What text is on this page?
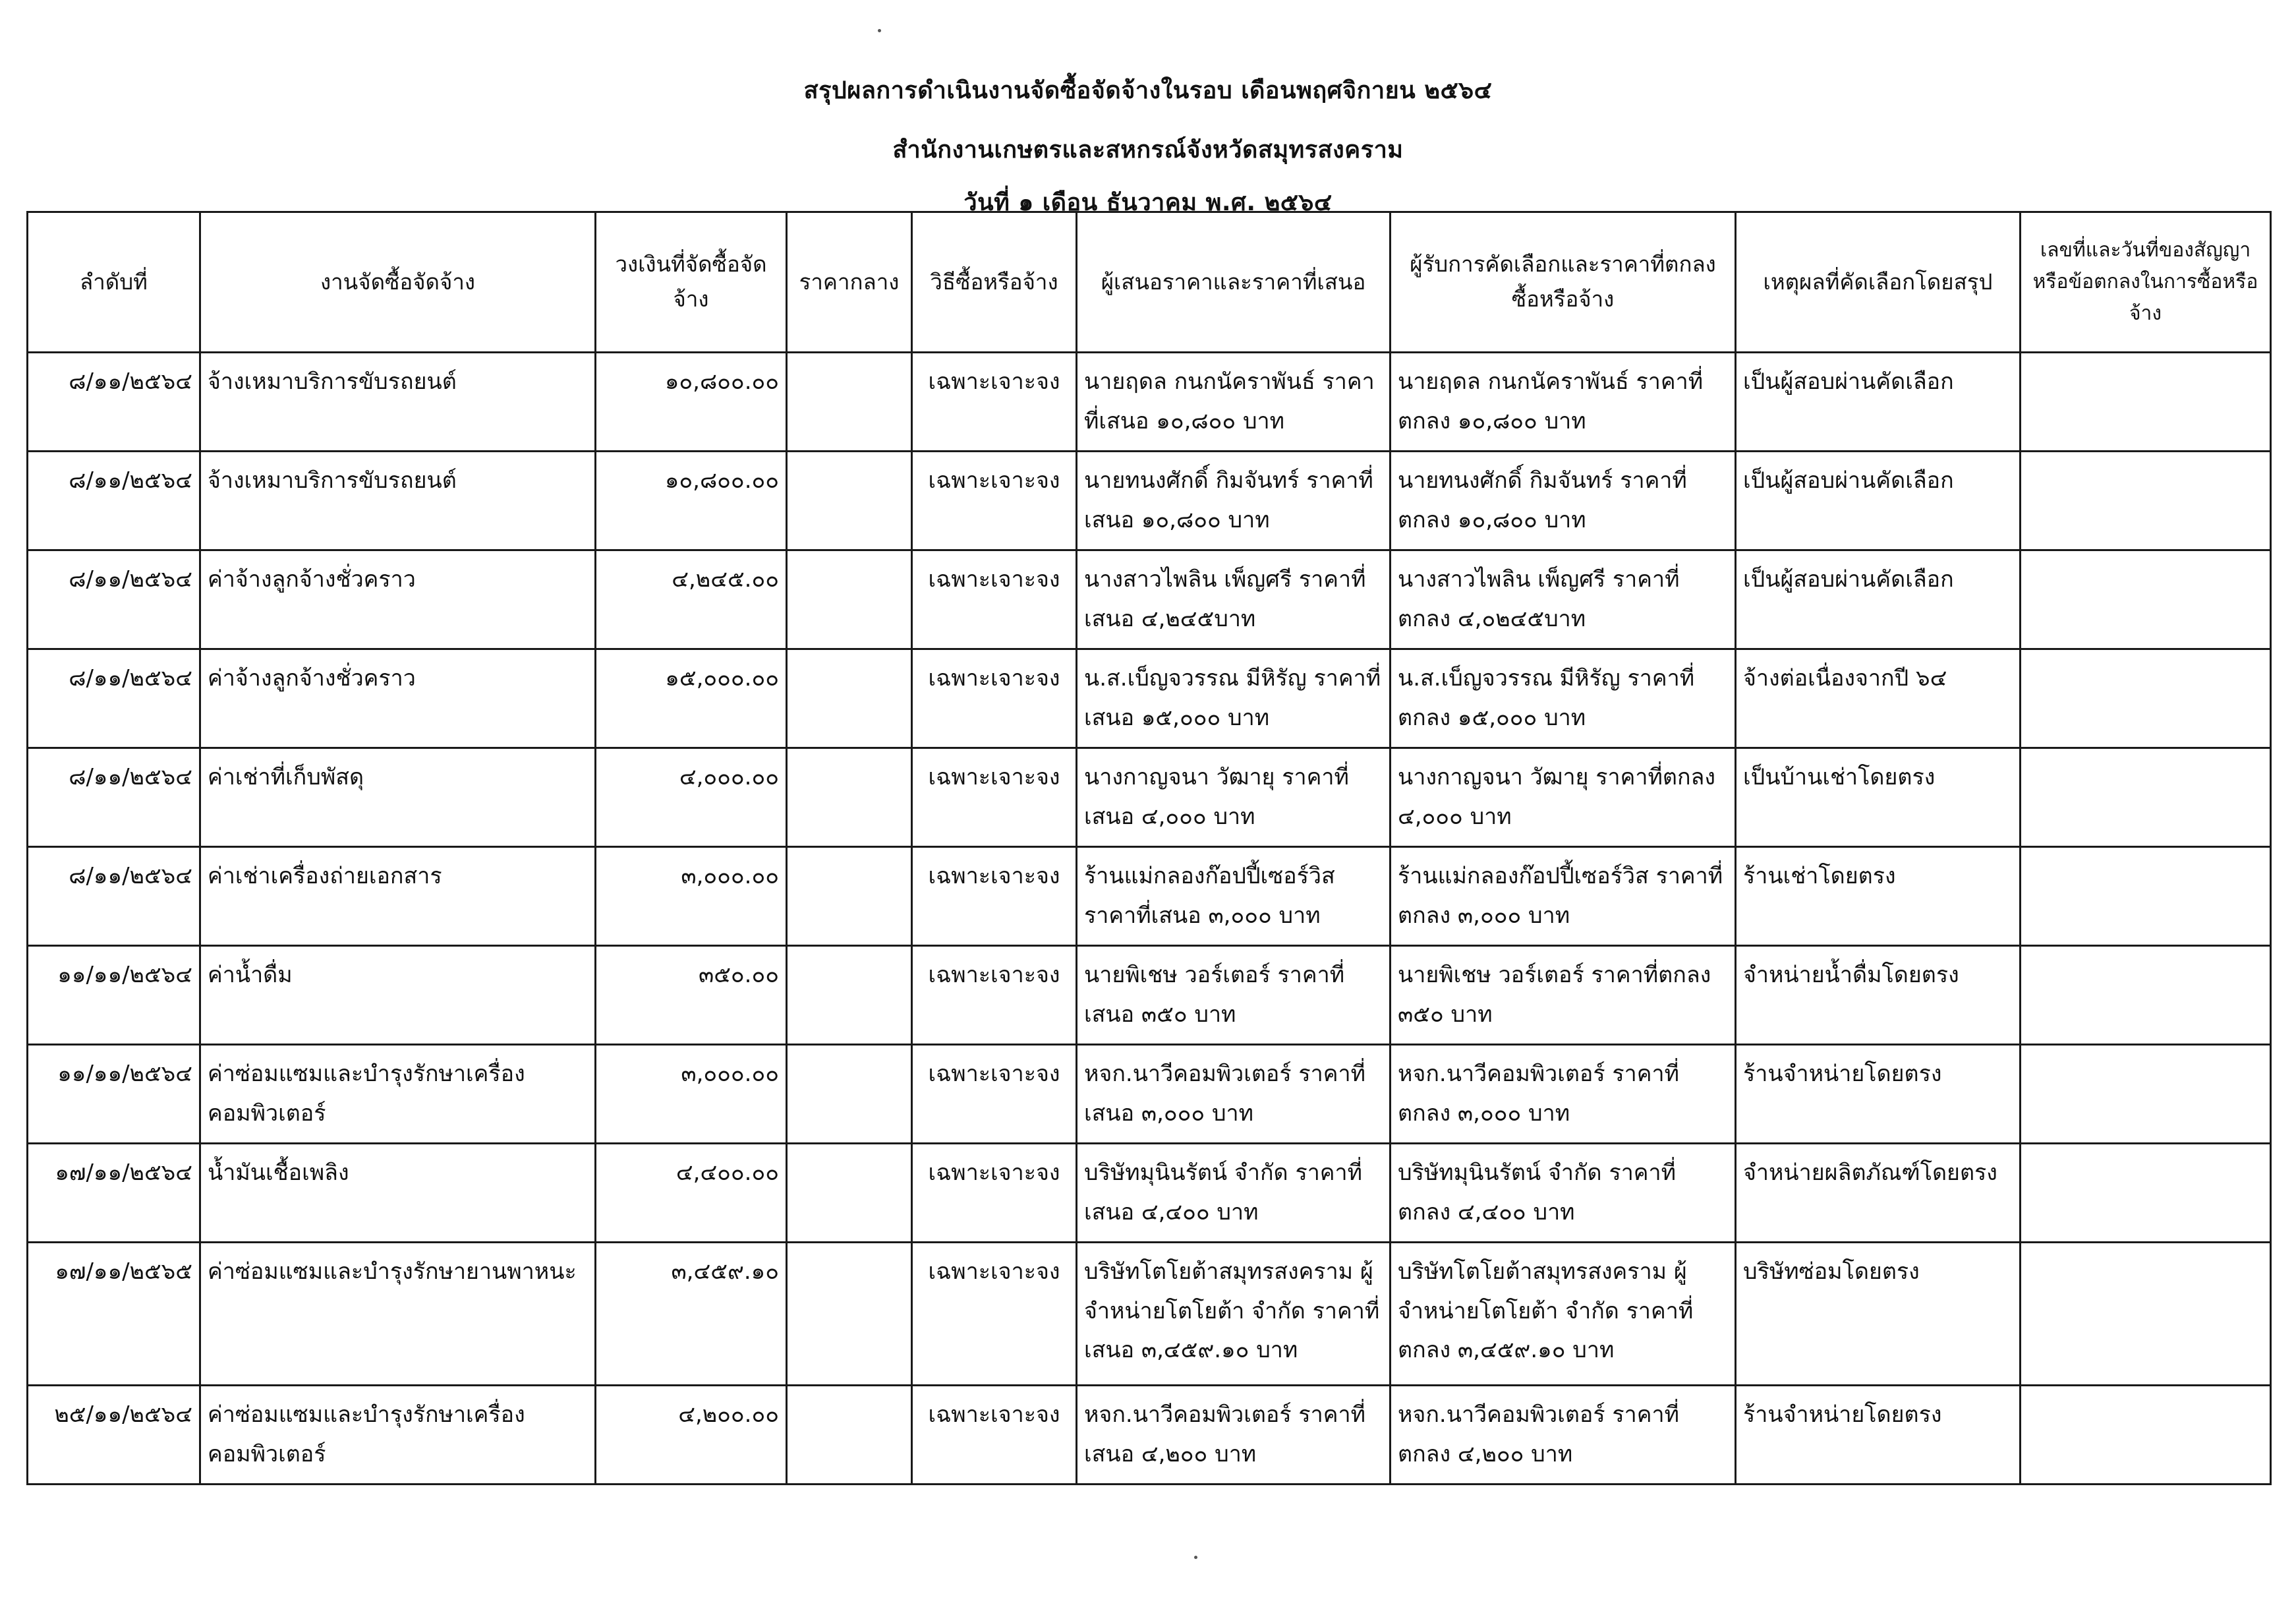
สรุปผลการดำเนินงานจัดซื้อจัดจ้างในรอบ เดือนพฤศจิกายน ๒๕๖๔
สำนักงานเกษตรและสหกรณ์จังหวัดสมุทรสงคราม
วันที่ ๑ เดือน ธันวาคม พ.ศ. ๒๕๖๔
ลำดับที่	งานจัดซื้อจัดจ้าง	วงเงินที่จัดซื้อจัดจ้าง	ราคากลาง	วิธีซื้อหรือจ้าง	ผู้เสนอราคาและราคาที่เสนอ	ผู้รับการคัดเลือกและราคาที่ตกลงซื้อหรือจ้าง	เหตุผลที่คัดเลือกโดยสรุป	เลขที่และวันที่ของสัญญาหรือข้อตกลงในการซื้อหรือจ้าง
๘/๑๑/๒๕๖๔	จ้างเหมาบริการขับรถยนต์	๑๐,๘๐๐.๐๐		เฉพาะเจาะจง	นายฤดล กนกนัคราพันธ์ ราคาที่เสนอ ๑๐,๘๐๐ บาท	นายฤดล กนกนัคราพันธ์ ราคาที่ตกลง ๑๐,๘๐๐ บาท	เป็นผู้สอบผ่านคัดเลือก	
๘/๑๑/๒๕๖๔	จ้างเหมาบริการขับรถยนต์	๑๐,๘๐๐.๐๐		เฉพาะเจาะจง	นายทนงศักดิ์ กิมจันทร์ ราคาที่เสนอ ๑๐,๘๐๐ บาท	นายทนงศักดิ์ กิมจันทร์ ราคาที่ตกลง ๑๐,๘๐๐ บาท	เป็นผู้สอบผ่านคัดเลือก	
๘/๑๑/๒๕๖๔	ค่าจ้างลูกจ้างชั่วคราว	๔,๒๔๕.๐๐		เฉพาะเจาะจง	นางสาวไพลิน เพ็ญศรี ราคาที่เสนอ ๔,๒๔๕บาท	นางสาวไพลิน เพ็ญศรี ราคาที่ตกลง ๔,๐๒๔๕บาท	เป็นผู้สอบผ่านคัดเลือก	
๘/๑๑/๒๕๖๔	ค่าจ้างลูกจ้างชั่วคราว	๑๕,๐๐๐.๐๐		เฉพาะเจาะจง	น.ส.เบ็ญจวรรณ มีหิรัญ ราคาที่เสนอ ๑๕,๐๐๐ บาท	น.ส.เบ็ญจวรรณ มีหิรัญ ราคาที่ตกลง ๑๕,๐๐๐ บาท	จ้างต่อเนื่องจากปี ๖๔	
๘/๑๑/๒๕๖๔	ค่าเช่าที่เก็บพัสดุ	๔,๐๐๐.๐๐		เฉพาะเจาะจง	นางกาญจนา วัฒายุ ราคาที่เสนอ ๔,๐๐๐ บาท	นางกาญจนา วัฒายุ ราคาที่ตกลง ๔,๐๐๐ บาท	เป็นบ้านเช่าโดยตรง	
๘/๑๑/๒๕๖๔	ค่าเช่าเครื่องถ่ายเอกสาร	๓,๐๐๐.๐๐		เฉพาะเจาะจง	ร้านแม่กลองก๊อปปี้เซอร์วิส ราคาที่เสนอ ๓,๐๐๐ บาท	ร้านแม่กลองก๊อปปี้เซอร์วิส ราคาที่ตกลง ๓,๐๐๐ บาท	ร้านเช่าโดยตรง	
๑๑/๑๑/๒๕๖๔	ค่าน้ำดื่ม	๓๕๐.๐๐		เฉพาะเจาะจง	นายพิเชษ วอร์เตอร์ ราคาที่เสนอ ๓๕๐ บาท	นายพิเชษ วอร์เตอร์ ราคาที่ตกลง ๓๕๐ บาท	จำหน่ายน้ำดื่มโดยตรง	
๑๑/๑๑/๒๕๖๔	ค่าซ่อมแซมและบำรุงรักษาเครื่องคอมพิวเตอร์	๓,๐๐๐.๐๐		เฉพาะเจาะจง	หจก.นาวีคอมพิวเตอร์ ราคาที่เสนอ ๓,๐๐๐ บาท	หจก.นาวีคอมพิวเตอร์ ราคาที่ตกลง ๓,๐๐๐ บาท	ร้านจำหน่ายโดยตรง	
๑๗/๑๑/๒๕๖๔	น้ำมันเชื้อเพลิง	๔,๔๐๐.๐๐		เฉพาะเจาะจง	บริษัทมุนินรัตน์ จำกัด ราคาที่เสนอ ๔,๔๐๐ บาท	บริษัทมุนินรัตน์ จำกัด ราคาที่ตกลง ๔,๔๐๐ บาท	จำหน่ายผลิตภัณฑ์โดยตรง	
๑๗/๑๑/๒๕๖๕	ค่าซ่อมแซมและบำรุงรักษายานพาหนะ	๓,๔๕๙.๑๐		เฉพาะเจาะจง	บริษัทโตโยต้าสมุทรสงคราม ผู้จำหน่ายโตโยต้า จำกัด ราคาที่เสนอ ๓,๔๕๙.๑๐ บาท	บริษัทโตโยต้าสมุทรสงคราม ผู้จำหน่ายโตโยต้า จำกัด ราคาที่ตกลง ๓,๔๕๙.๑๐ บาท	บริษัทซ่อมโดยตรง	
๒๕/๑๑/๒๕๖๔	ค่าซ่อมแซมและบำรุงรักษาเครื่องคอมพิวเตอร์	๔,๒๐๐.๐๐		เฉพาะเจาะจง	หจก.นาวีคอมพิวเตอร์ ราคาที่เสนอ ๔,๒๐๐ บาท	หจก.นาวีคอมพิวเตอร์ ราคาที่ตกลง ๔,๒๐๐ บาท	ร้านจำหน่ายโดยตรง	
